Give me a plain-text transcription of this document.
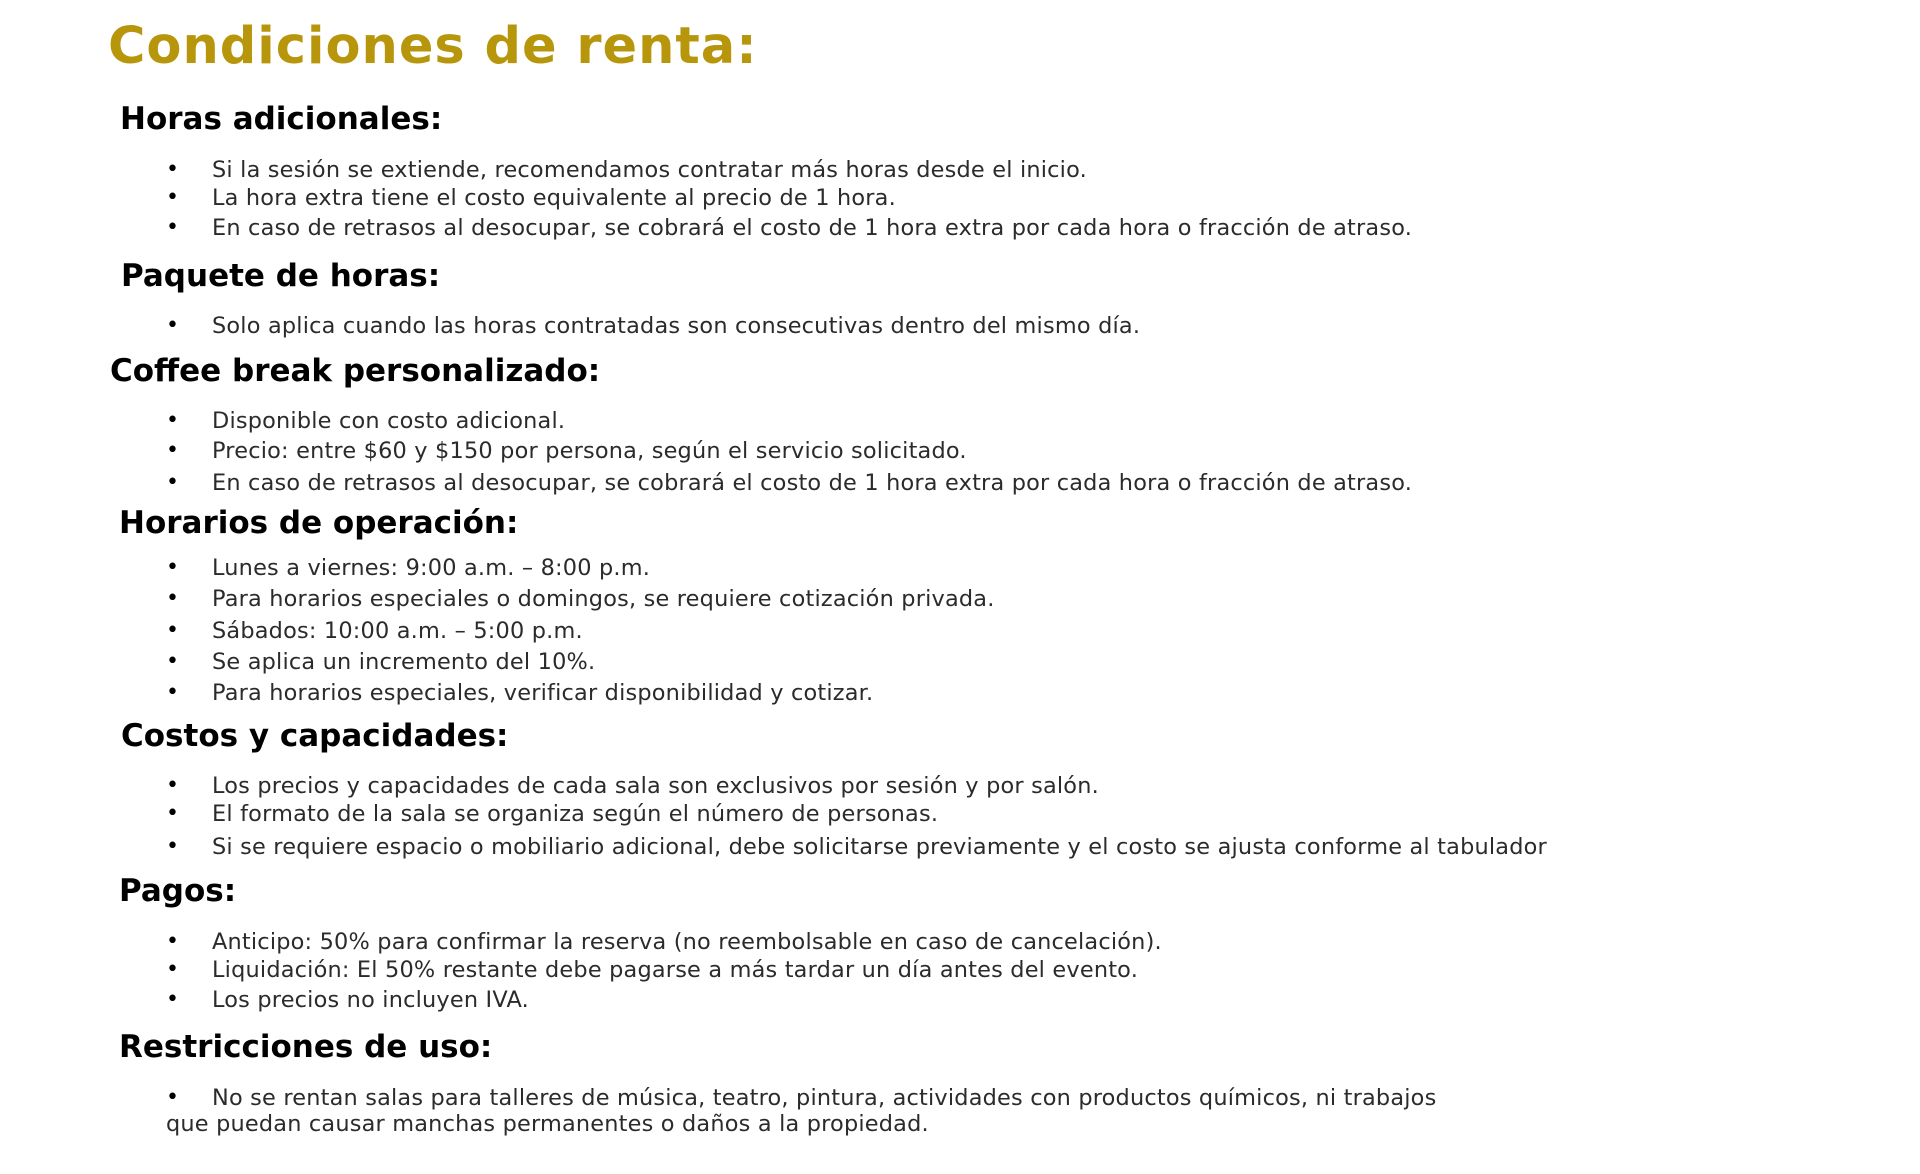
Condiciones de renta:
Horas adicionales:
• Si la sesión se extiende, recomendamos contratar más horas desde el inicio.
• La hora extra tiene el costo equivalente al precio de 1 hora.
• En caso de retrasos al desocupar, se cobrará el costo de 1 hora extra por cada hora o fracción de atraso.
Paquete de horas:
• Solo aplica cuando las horas contratadas son consecutivas dentro del mismo día.
Coffee break personalizado:
• Disponible con costo adicional.
• Precio: entre $60 y $150 por persona, según el servicio solicitado.
• En caso de retrasos al desocupar, se cobrará el costo de 1 hora extra por cada hora o fracción de atraso.
Horarios de operación:
• Lunes a viernes: 9:00 a.m. – 8:00 p.m.
• Para horarios especiales o domingos, se requiere cotización privada.
• Sábados: 10:00 a.m. – 5:00 p.m.
• Se aplica un incremento del 10%.
• Para horarios especiales, verificar disponibilidad y cotizar.
Costos y capacidades:
• Los precios y capacidades de cada sala son exclusivos por sesión y por salón.
• El formato de la sala se organiza según el número de personas.
• Si se requiere espacio o mobiliario adicional, debe solicitarse previamente y el costo se ajusta conforme al tabulador
Pagos:
• Anticipo: 50% para confirmar la reserva (no reembolsable en caso de cancelación).
• Liquidación: El 50% restante debe pagarse a más tardar un día antes del evento.
• Los precios no incluyen IVA.
Restricciones de uso:
• No se rentan salas para talleres de música, teatro, pintura, actividades con productos químicos, ni trabajos
que puedan causar manchas permanentes o daños a la propiedad.
